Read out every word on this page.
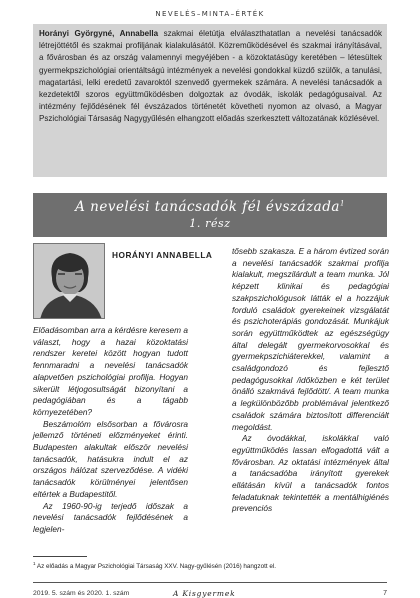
NEVELÉS–MINTA–ÉRTÉK
Horányi Györgyné, Annabella szakmai életútja elválaszthatatlan a nevelési tanácsadók létrejöttétől és szakmai profiljának kialakulásától. Közreműködésével és szakmai irányításával, a fővárosban és az ország valamennyi megyéjében - a közoktatásügy keretében – létesültek gyermekpszichológiai orientáltságú intézmények a nevelési gondokkal küzdő szülők, a tanulási, magatartási, lelki eredetű zavaroktól szenvedő gyermekek számára. A nevelési tanácsadók a kezdetektől szoros együttműködésben dolgoztak az óvodák, iskolák pedagógusaival. Az intézmény fejlődésének fél évszázados történetét követheti nyomon az olvasó, a Magyar Pszichológiai Társaság Nagygyűlésén elhangzott előadás szerkesztett változatának közlésével.
A nevelési tanácsadók fél évszázada$^1$
1. rész
HORÁNYI ANNABELLA

Előadásomban arra a kérdésre keresem a választ, hogy a hazai közoktatási rendszer keretei között hogyan tudott fennmaradni a nevelési tanácsadók alapvetően pszichológiai profilja. Hogyan sikerült létjogosultságát bizonyítani a pedagógiában és a tágabb környezetében?

Beszámolóm elsősorban a fővárosra jellemző történeti előzményeket érinti. Budapesten alakultak először nevelési tanácsadók, hatásukra indult el az országos hálózat szerveződése. A vidéki tanácsadók körülményei jelentősen eltértek a Budapestitől.

Az 1960-90-ig terjedő időszak a nevelési tanácsadók fejlődésének a legjelen-

tősebb szakasza. E a három évtized során a nevelési tanácsadók szakmai profilja kialakult, megszilárdult a team munka. Jól képzett klinikai és pedagógiai szakpszichológusok látták el a hozzájuk forduló családok gyerekeinek vizsgálatát és pszichoterápiás gondozását. Munkájuk során együttműködtek az egészségügy által delegált gyermekorvosokkal és gyermekpszichiáterekkel, valamint a családgondozó és fejlesztő pedagógusokkal /időközben e két terület önálló szakmává fejlődött/. A team munka a legkülönbözőbb problémával jelentkező családok számára biztosított differenciált megoldást.

Az óvodákkal, iskolákkal való együttműködés lassan elfogadottá vált a fővárosban. Az oktatási intézmények által a tanácsadóba irányított gyerekek ellátásán kívül a tanácsadók fontos feladatuknak tekintették a mentálhigiénés prevenciós

$^1$ Az előadás a Magyar Pszichológiai Társaság XXV. Nagy-gyűlésén (2016) hangzott el.
2019. 5. szám és 2020. 1. szám	A Kisgyermek	7
